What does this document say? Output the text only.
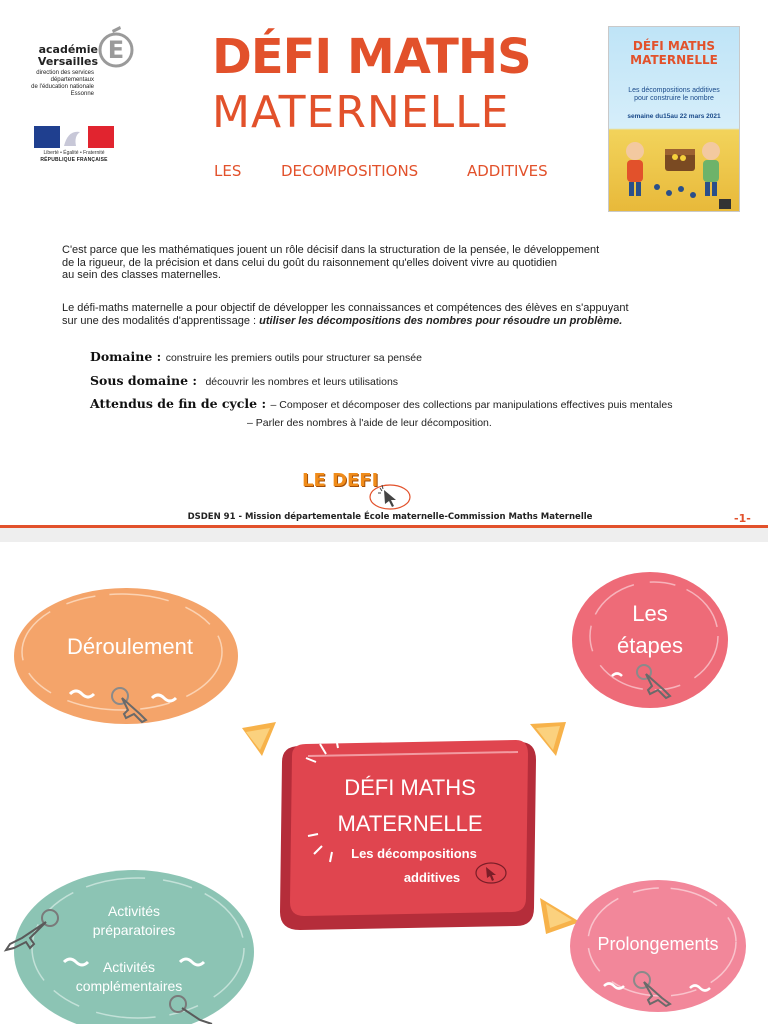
académie
Versailles E
direction des services
départementaux
de l'éducation nationale
Essonne
Liberté • Égalité • Fraternité
RÉPUBLIQUE FRANÇAISE
DÉFI MATHS
MATERNELLE
LES	DECOMPOSITIONS	ADDITIVES
DÉFI MATHS
MATERNELLE
Les décompositions additives
pour construire le nombre
semaine du15au 22 mars 2021
C'est parce que les mathématiques jouent un rôle décisif dans la structuration de la pensée, le développement
de la rigueur, de la précision et dans celui du goût du raisonnement qu'elles doivent vivre au quotidien
au sein des classes maternelles.
Le défi-maths maternelle a pour objectif de développer les connaissances et compétences des élèves en s'appuyant
sur une des modalités d'apprentissage : utiliser les décompositions des nombres pour résoudre un problème.
Domaine : construire les premiers outils pour structurer sa pensée
Sous domaine : découvrir les nombres et leurs utilisations
Attendus de fin de cycle : – Composer et décomposer des collections par manipulations effectives puis mentales
– Parler des nombres à l'aide de leur décomposition.
LE DEFI
DSDEN 91 - Mission départementale École maternelle-Commission Maths Maternelle	-1-
Déroulement
Les
étapes
DÉFI MATHS
MATERNELLE
Les décompositions
additives
Activités
préparatoires
Activités
complémentaires
Prolongements
